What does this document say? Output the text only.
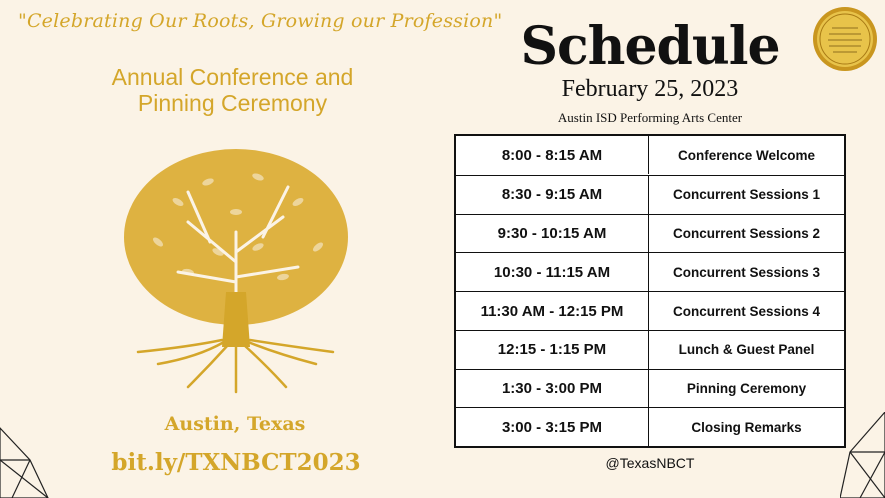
"Celebrating Our Roots, Growing our Profession"
Annual Conference and
Pinning Ceremony
Austin, Texas
bit.ly/TXNBCT2023
Schedule
February 25, 2023
Austin ISD Performing Arts Center
8:00 - 8:15 AM	Conference Welcome
8:30 - 9:15 AM	Concurrent Sessions 1
9:30 - 10:15 AM	Concurrent Sessions 2
10:30 - 11:15 AM	Concurrent Sessions 3
11:30 AM - 12:15 PM	Concurrent Sessions 4
12:15 - 1:15 PM	Lunch & Guest Panel
1:30 - 3:00 PM	Pinning Ceremony
3:00 - 3:15 PM	Closing Remarks
@TexasNBCT
